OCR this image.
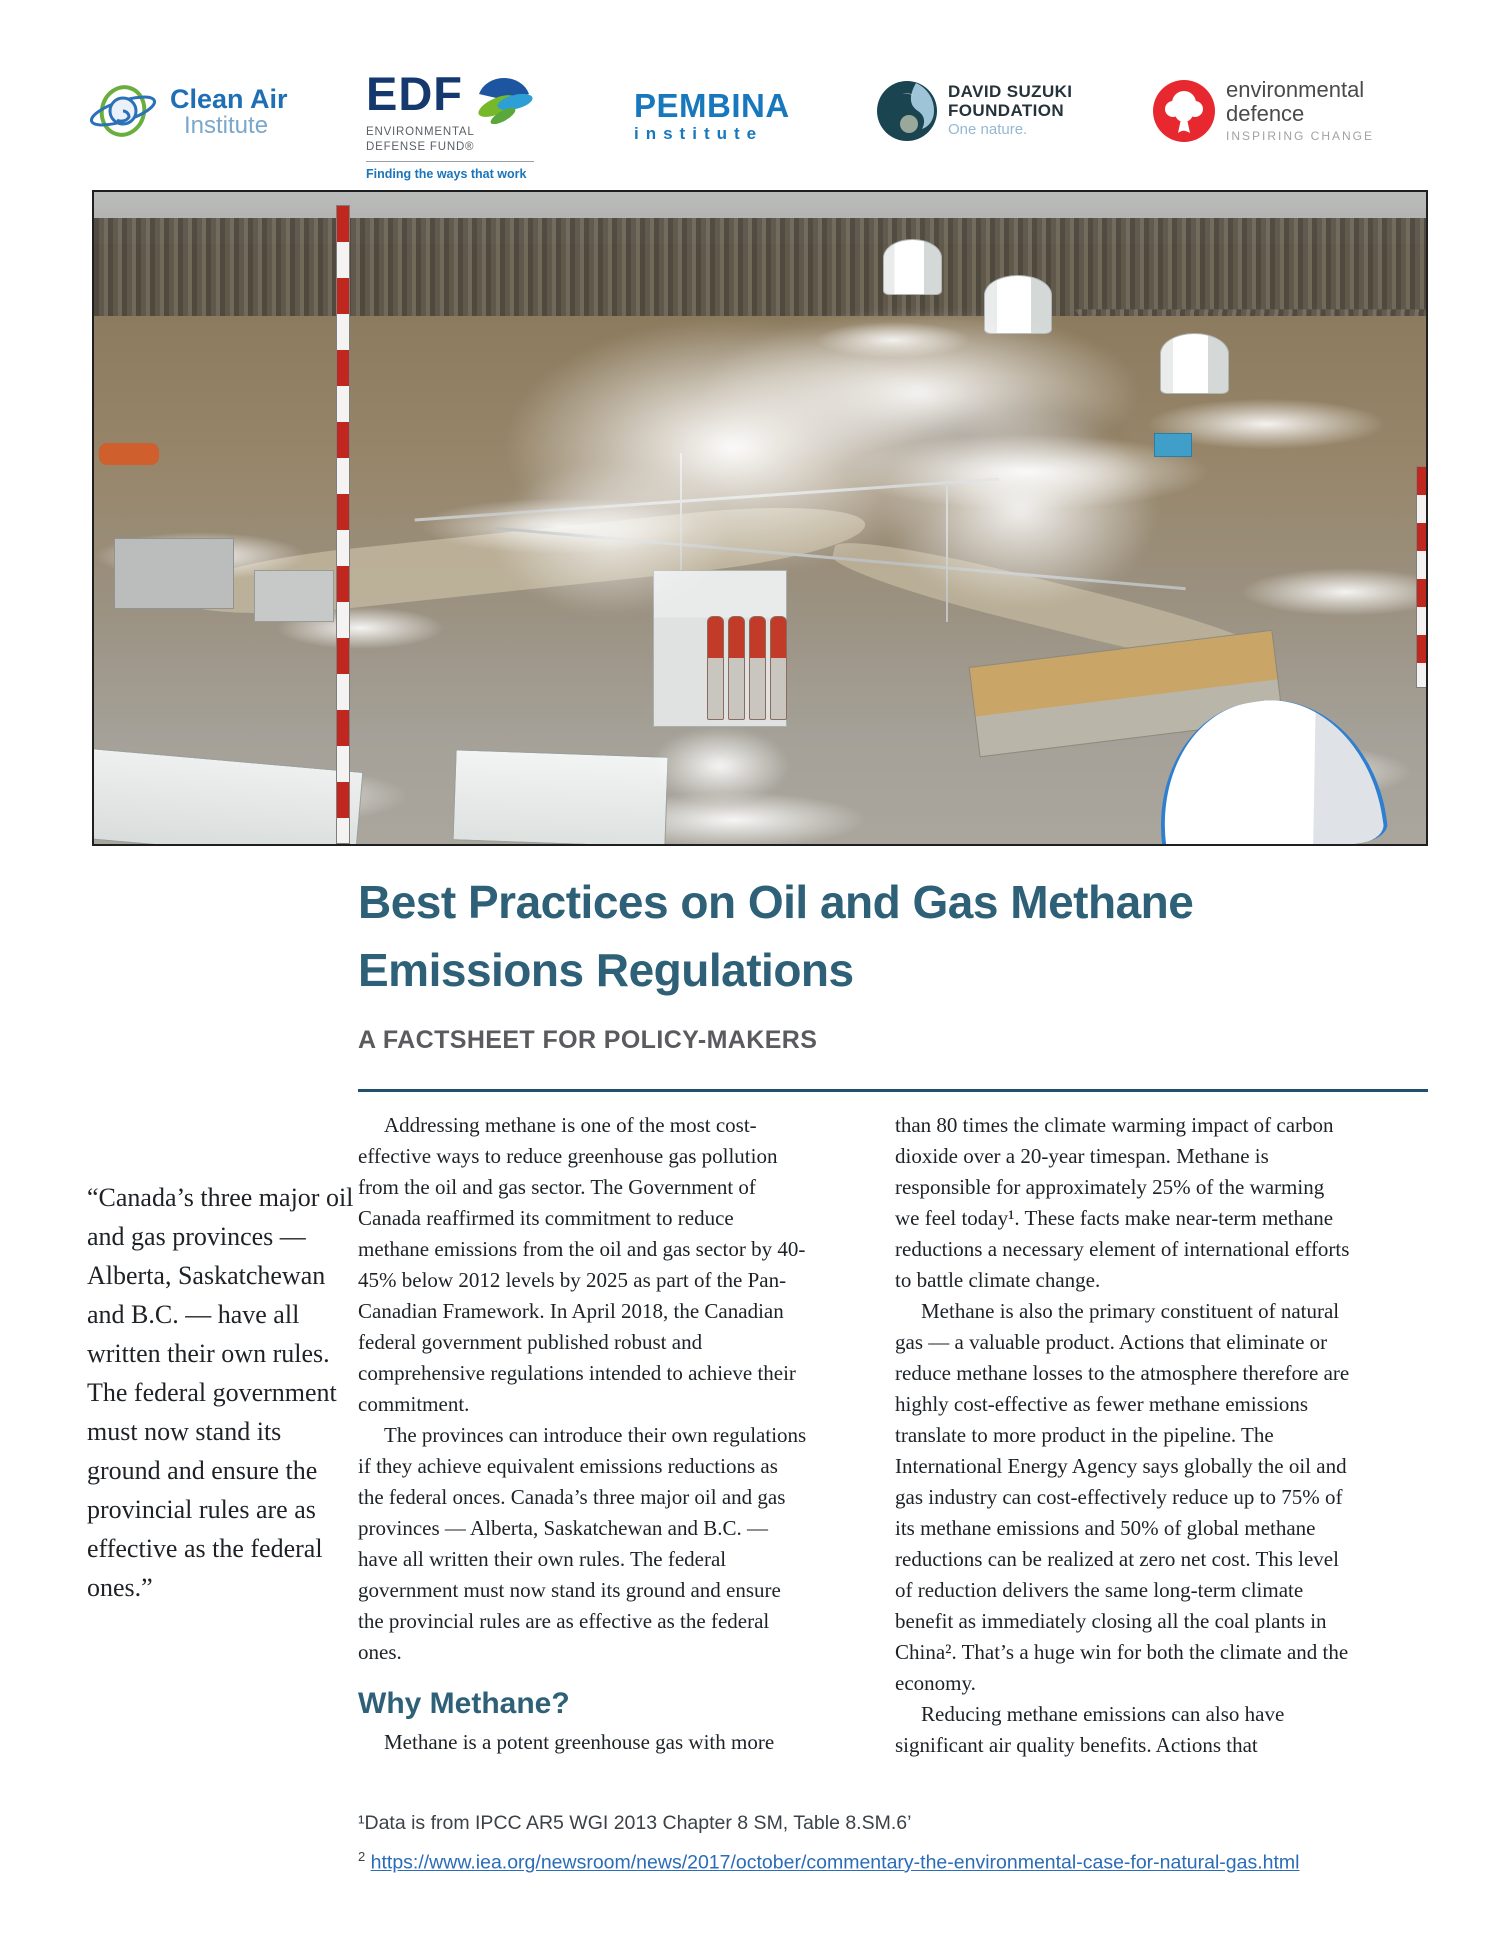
Clean Air
Institute
EDF
ENVIRONMENTAL
DEFENSE FUND®
Finding the ways that work
PEMBINA
institute
DAVID SUZUKI
FOUNDATION
One nature.
environmental
defence
INSPIRING CHANGE
Best Practices on Oil and Gas Methane
Emissions Regulations
A FACTSHEET FOR POLICY-MAKERS
“Canada’s three major oil and gas provinces — Alberta, Saskatchewan and B.C. — have all written their own rules. The federal government must now stand its ground and ensure the provincial rules are as effective as the federal ones.”

Addressing methane is one of the most cost-effective ways to reduce greenhouse gas pollution from the oil and gas sector. The Government of Canada reaffirmed its commitment to reduce methane emissions from the oil and gas sector by 40-45% below 2012 levels by 2025 as part of the Pan-Canadian Framework. In April 2018, the Canadian federal government published robust and comprehensive regulations intended to achieve their commitment.

The provinces can introduce their own regulations if they achieve equivalent emissions reductions as the federal onces. Canada’s three major oil and gas provinces — Alberta, Saskatchewan and B.C. — have all written their own rules. The federal government must now stand its ground and ensure the provincial rules are as effective as the federal ones.

Why Methane?

Methane is a potent greenhouse gas with more

than 80 times the climate warming impact of carbon dioxide over a 20-year timespan. Methane is responsible for approximately 25% of the warming we feel today¹. These facts make near-term methane reductions a necessary element of international efforts to battle climate change.

Methane is also the primary constituent of natural gas — a valuable product. Actions that eliminate or reduce methane losses to the atmosphere therefore are highly cost-effective as fewer methane emissions translate to more product in the pipeline. The International Energy Agency says globally the oil and gas industry can cost-effectively reduce up to 75% of its methane emissions and 50% of global methane reductions can be realized at zero net cost. This level of reduction delivers the same long-term climate benefit as immediately closing all the coal plants in China². That’s a huge win for both the climate and the economy.

Reducing methane emissions can also have significant air quality benefits. Actions that

¹Data is from IPCC AR5 WGI 2013 Chapter 8 SM, Table 8.SM.6’
$^2$ https://www.iea.org/newsroom/news/2017/october/commentary-the-environmental-case-for-natural-gas.html
